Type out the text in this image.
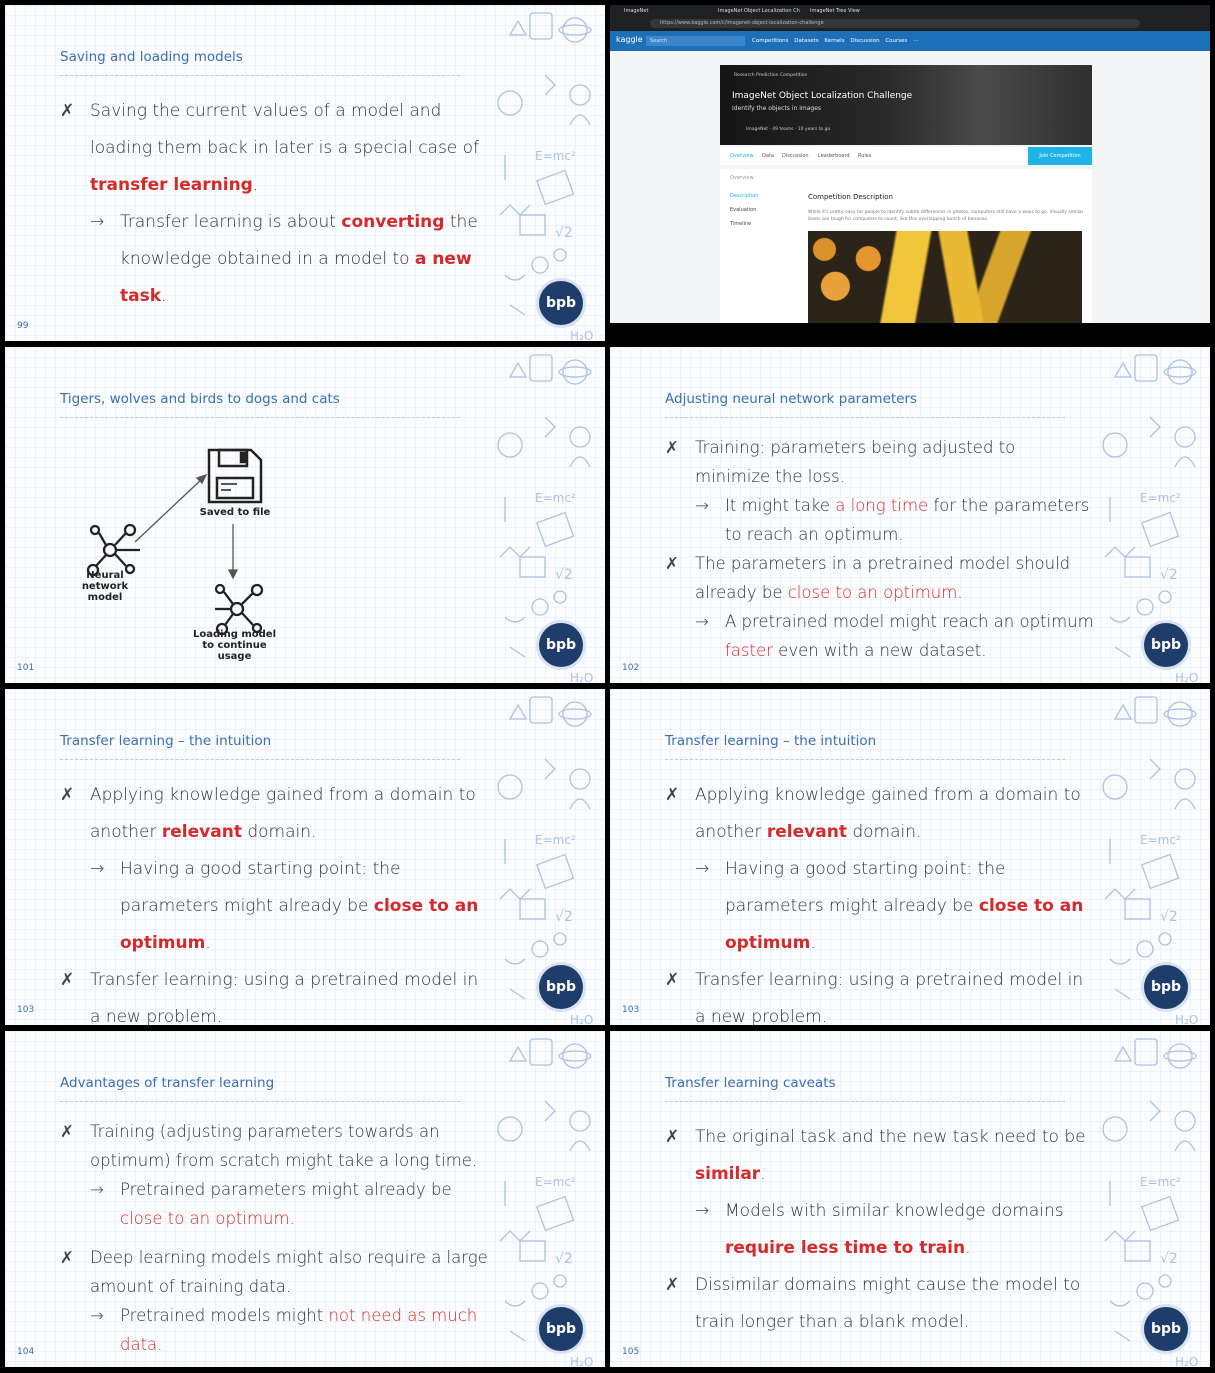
Saving and loading models
✗ Saving the current values of a model and loading them back in later is a special case of transfer learning.
→ Transfer learning is about converting the knowledge obtained in a model to a new task.
E=mc²
√2
H₂O
bpb
99
ImageNet	ImageNet Object Localization Ch ImageNet Tree View
https://www.kaggle.com/c/imagenet-object-localization-challenge
kaggle	Search	Competitions Datasets Kernels Discussion Courses ⋯
Research Prediction Competition
ImageNet Object Localization Challenge
Identify the objects in images
ImageNet · 49 teams · 10 years to go
Overview Data Discussion Leaderboard Rules	Join Competition
Overview
Description
Evaluation
Timeline
Competition Description
While it's pretty easy for people to identify subtle differences in photos, computers still have a ways to go. Visually similar items are tough for computers to count, like this overlapping bunch of bananas.
Tigers, wolves and birds to dogs and cats
Saved to file
Neural network model
Loading model to continue usage
E=mc²
√2
H₂O
bpb
101
Adjusting neural network parameters
✗ Training: parameters being adjusted to minimize the loss.
→ It might take a long time for the parameters to reach an optimum.
✗ The parameters in a pretrained model should already be close to an optimum.
→ A pretrained model might reach an optimum faster even with a new dataset.
E=mc²
√2
H₂O
bpb
102
Transfer learning – the intuition
✗ Applying knowledge gained from a domain to another relevant domain.
→ Having a good starting point: the parameters might already be close to an optimum.
✗ Transfer learning: using a pretrained model in a new problem.
E=mc²
√2
H₂O
bpb
103
Transfer learning – the intuition
✗ Applying knowledge gained from a domain to another relevant domain.
→ Having a good starting point: the parameters might already be close to an optimum.
✗ Transfer learning: using a pretrained model in a new problem.
E=mc²
√2
H₂O
bpb
103
Advantages of transfer learning
✗ Training (adjusting parameters towards an optimum) from scratch might take a long time.
→ Pretrained parameters might already be close to an optimum.
✗ Deep learning models might also require a large amount of training data.
→ Pretrained models might not need as much data.
E=mc²
√2
H₂O
bpb
104
Transfer learning caveats
✗ The original task and the new task need to be similar.
→ Models with similar knowledge domains require less time to train.
✗ Dissimilar domains might cause the model to train longer than a blank model.
E=mc²
√2
H₂O
bpb
105
